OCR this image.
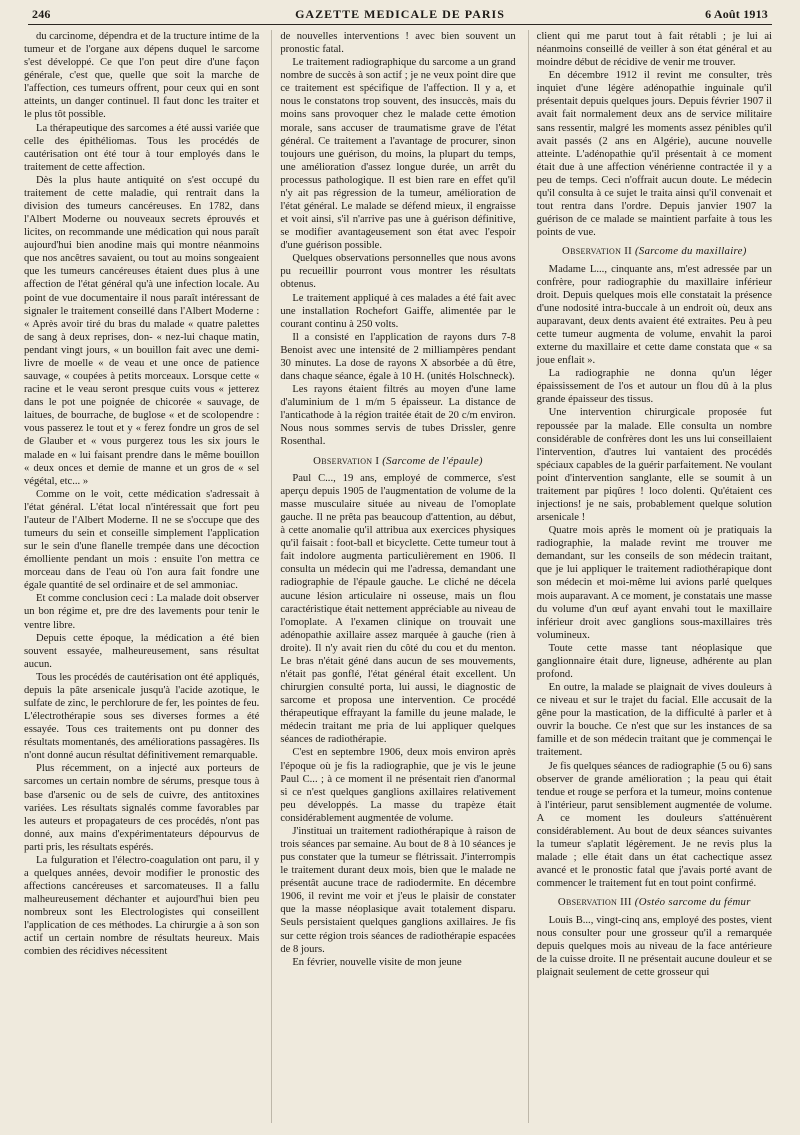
246	GAZETTE MEDICALE DE PARIS	6 Août 1913

du carcinome, dépendra et de la tructure intime de la tumeur et de l'organe aux dépens duquel le sarcome s'est développé. Ce que l'on peut dire d'une façon générale, c'est que, quelle que soit la marche de l'affection, ces tumeurs offrent, pour ceux qui en sont atteints, un danger continuel. Il faut donc les traiter et le plus tôt possible.

La thérapeutique des sarcomes a été aussi variée que celle des épithéliomas. Tous les procédés de cautérisation ont été tour à tour employés dans le traitement de cette affection.

Dès la plus haute antiquité on s'est occupé du traitement de cette maladie, qui rentrait dans la division des tumeurs cancéreuses. En 1782, dans l'Albert Moderne ou nouveaux secrets éprouvés et licites, on recommande une médication qui nous paraît aujourd'hui bien anodine mais qui montre néanmoins que nos ancêtres savaient, ou tout au moins songeaient que les tumeurs cancéreuses étaient dues plus à une affection de l'état général qu'à une infection locale. Au point de vue documentaire il nous paraît intéressant de signaler le traitement conseillé dans l'Albert Moderne : « Après avoir tiré du bras du malade « quatre palettes de sang à deux reprises, don- « nez-lui chaque matin, pendant vingt jours, « un bouillon fait avec une demi-livre de moelle « de veau et une once de patience sauvage, « coupées à petits morceaux. Lorsque cette « racine et le veau seront presque cuits vous « jetterez dans le pot une poignée de chicorée « sauvage, de laitues, de bourrache, de buglose « et de scolopendre : vous passerez le tout et y « ferez fondre un gros de sel de Glauber et « vous purgerez tous les six jours le malade en « lui faisant prendre dans le même bouillon « deux onces et demie de manne et un gros de « sel végétal, etc... »

Comme on le voit, cette médication s'adressait à l'état général. L'état local n'intéressait que fort peu l'auteur de l'Albert Moderne. Il ne se s'occupe que des tumeurs du sein et conseille simplement l'application sur le sein d'une flanelle trempée dans une décoction émolliente pendant un mois : ensuite l'on mettra ce morceau dans de l'eau où l'on aura fait fondre une égale quantité de sel ordinaire et de sel ammoniac.

Et comme conclusion ceci : La malade doit observer un bon régime et, pre dre des lavements pour tenir le ventre libre.

Depuis cette époque, la médication a été bien souvent essayée, malheureusement, sans résultat aucun.

Tous les procédés de cautérisation ont été appliqués, depuis la pâte arsenicale jusqu'à l'acide azotique, le sulfate de zinc, le perchlorure de fer, les pointes de feu. L'électrothérapie sous ses diverses formes a été essayée. Tous ces traitements ont pu donner des résultats momentanés, des améliorations passagères. Ils n'ont donné aucun résultat définitivement remarquable.

Plus récemment, on a injecté aux porteurs de sarcomes un certain nombre de sérums, presque tous à base d'arsenic ou de sels de cuivre, des antitoxines variées. Les résultats signalés comme favorables par les auteurs et propagateurs de ces procédés, n'ont pas donné, aux mains d'expérimentateurs dépourvus de parti pris, les résultats espérés.

La fulguration et l'électro-coagulation ont paru, il y a quelques années, devoir modifier le pronostic des affections cancéreuses et sarcomateuses. Il a fallu malheureusement déchanter et aujourd'hui bien peu nombreux sont les Electrologistes qui conseillent l'application de ces méthodes. La chirurgie a à son son actif un certain nombre de résultats heureux. Mais combien des récidives nécessitent

de nouvelles interventions ! avec bien souvent un pronostic fatal.

Le traitement radiographique du sarcome a un grand nombre de succès à son actif ; je ne veux point dire que ce traitement est spécifique de l'affection. Il y a, et nous le constatons trop souvent, des insuccès, mais du moins sans provoquer chez le malade cette émotion morale, sans accuser de traumatisme grave de l'état général. Ce traitement a l'avantage de procurer, sinon toujours une guérison, du moins, la plupart du temps, une amélioration d'assez longue durée, un arrêt du processus pathologique. Il est bien rare en effet qu'il n'y ait pas régression de la tumeur, amélioration de l'état général. Le malade se défend mieux, il engraisse et voit ainsi, s'il n'arrive pas une à guérison définitive, se modifier avantageusement son état avec l'espoir d'une guérison possible.

Quelques observations personnelles que nous avons pu recueillir pourront vous montrer les résultats obtenus.

Le traitement appliqué à ces malades a été fait avec une installation Rochefort Gaiffe, alimentée par le courant continu à 250 volts.

Il a consisté en l'application de rayons durs 7-8 Benoist avec une intensité de 2 milliampères pendant 30 minutes. La dose de rayons X absorbée a dû être, dans chaque séance, égale à 10 H. (unités Holschneck).

Les rayons étaient filtrés au moyen d'une lame d'aluminium de 1 m/m 5 épaisseur. La distance de l'anticathode à la région traitée était de 20 c/m environ. Nous nous sommes servis de tubes Drissler, genre Rosenthal.

Observation I (Sarcome de l'épaule)

Paul C..., 19 ans, employé de commerce, s'est aperçu depuis 1905 de l'augmentation de volume de la masse musculaire située au niveau de l'omoplate gauche. Il ne prêta pas beaucoup d'attention, au début, à cette anomalie qu'il attribua aux exercices physiques qu'il faisait : foot-ball et bicyclette. Cette tumeur tout à fait indolore augmenta particulièrement en 1906. Il consulta un médecin qui me l'adressa, demandant une radiographie de l'épaule gauche. Le cliché ne décela aucune lésion articulaire ni osseuse, mais un flou caractéristique était nettement appréciable au niveau de l'omoplate. A l'examen clinique on trouvait une adénopathie axillaire assez marquée à gauche (rien à droite). Il n'y avait rien du côté du cou et du menton. Le bras n'était géné dans aucun de ses mouvements, n'était pas gonflé, l'état général était excellent. Un chirurgien consulté porta, lui aussi, le diagnostic de sarcome et proposa une intervention. Ce procédé thérapeutique effrayant la famille du jeune malade, le médecin traitant me pria de lui appliquer quelques séances de radiothérapie.

C'est en septembre 1906, deux mois environ après l'époque où je fis la radiographie, que je vis le jeune Paul C... ; à ce moment il ne présentait rien d'anormal si ce n'est quelques ganglions axillaires relativement peu développés. La masse du trapèze était considérablement augmentée de volume.

J'instituai un traitement radiothérapique à raison de trois séances par semaine. Au bout de 8 à 10 séances je pus constater que la tumeur se flétrissait. J'interrompis le traitement durant deux mois, bien que le malade ne présentât aucune trace de radiodermite. En décembre 1906, il revint me voir et j'eus le plaisir de constater que la masse néoplasique avait totalement disparu. Seuls persistaient quelques ganglions axillaires. Je fis sur cette région trois séances de radiothérapie espacées de 8 jours.

En février, nouvelle visite de mon jeune

client qui me parut tout à fait rétabli ; je lui ai néanmoins conseillé de veiller à son état général et au moindre début de récidive de venir me trouver.

En décembre 1912 il revint me consulter, très inquiet d'une légère adénopathie inguinale qu'il présentait depuis quelques jours. Depuis février 1907 il avait fait normalement deux ans de service militaire sans ressentir, malgré les moments assez pénibles qu'il avait passés (2 ans en Algérie), aucune nouvelle atteinte. L'adénopathie qu'il présentait à ce moment était due à une affection vénérienne contractée il y a peu de temps. Ceci n'offrait aucun doute. Le médecin qu'il consulta à ce sujet le traita ainsi qu'il convenait et tout rentra dans l'ordre. Depuis janvier 1907 la guérison de ce malade se maintient parfaite à tous les points de vue.

Observation II (Sarcome du maxillaire)

Madame L..., cinquante ans, m'est adressée par un confrère, pour radiographie du maxillaire inférieur droit. Depuis quelques mois elle constatait la présence d'une nodosité intra-buccale à un endroit où, deux ans auparavant, deux dents avaient été extraites. Peu à peu cette tumeur augmenta de volume, envahit la paroi externe du maxillaire et cette dame constata que « sa joue enflait ».

La radiographie ne donna qu'un léger épaississement de l'os et autour un flou dû à la plus grande épaisseur des tissus.

Une intervention chirurgicale proposée fut repoussée par la malade. Elle consulta un nombre considérable de confrères dont les uns lui conseillaient l'intervention, d'autres lui vantaient des procédés spéciaux capables de la guérir parfaitement. Ne voulant point d'intervention sanglante, elle se soumit à un traitement par piqûres ! loco dolenti. Qu'étaient ces injections! je ne sais, probablement quelque solution arsenicale !

Quatre mois après le moment où je pratiquais la radiographie, la malade revint me trouver me demandant, sur les conseils de son médecin traitant, que je lui appliquer le traitement radiothérapique dont son médecin et moi-même lui avions parlé quelques mois auparavant. A ce moment, je constatais une masse du volume d'un œuf ayant envahi tout le maxillaire inférieur droit avec ganglions sous-maxillaires très volumineux.

Toute cette masse tant néoplasique que ganglionnaire était dure, ligneuse, adhérente au plan profond.

En outre, la malade se plaignait de vives douleurs à ce niveau et sur le trajet du facial. Elle accusait de la gêne pour la mastication, de la difficulté à parler et à ouvrir la bouche. Ce n'est que sur les instances de sa famille et de son médecin traitant que je commençai le traitement.

Je fis quelques séances de radiographie (5 ou 6) sans observer de grande amélioration ; la peau qui était tendue et rouge se perfora et la tumeur, moins contenue à l'intérieur, parut sensiblement augmentée de volume. A ce moment les douleurs s'atténuèrent considérablement. Au bout de deux séances suivantes la tumeur s'aplatit légèrement. Je ne revis plus la malade ; elle était dans un état cachectique assez avancé et le pronostic fatal que j'avais porté avant de commencer le traitement fut en tout point confirmé.

Observation III (Ostéo sarcome du fémur

Louis B..., vingt-cinq ans, employé des postes, vient nous consulter pour une grosseur qu'il a remarquée depuis quelques mois au niveau de la face antérieure de la cuisse droite. Il ne présentait aucune douleur et se plaignait seulement de cette grosseur qui
